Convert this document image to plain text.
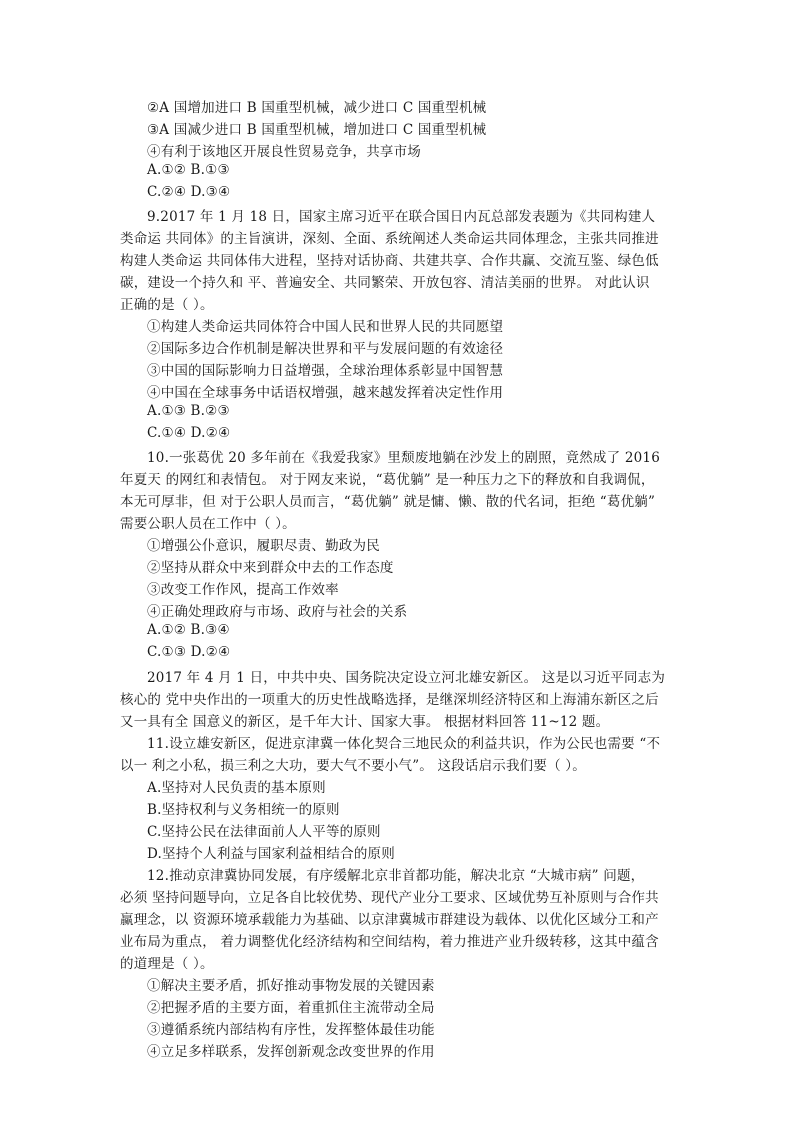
②A 国增加进口 B 国重型机械，减少进口 C 国重型机械
③A 国减少进口 B 国重型机械，增加进口 C 国重型机械
④有利于该地区开展良性贸易竞争，共享市场
A.①② B.①③
C.②④ D.③④
9.2017 年 1 月 18 日，国家主席习近平在联合国日内瓦总部发表题为《共同构建人
类命运 共同体》的主旨演讲，深刻、全面、系统阐述人类命运共同体理念，主张共同推进
构建人类命运 共同体伟大进程，坚持对话协商、共建共享、合作共赢、交流互鉴、绿色低
碳，建设一个持久和 平、普遍安全、共同繁荣、开放包容、清洁美丽的世界。 对此认识
正确的是（ ）。
①构建人类命运共同体符合中国人民和世界人民的共同愿望
②国际多边合作机制是解决世界和平与发展问题的有效途径
③中国的国际影响力日益增强，全球治理体系彰显中国智慧
④中国在全球事务中话语权增强，越来越发挥着决定性作用
A.①③ B.②③
C.①④ D.②④
10.一张葛优 20 多年前在《我爱我家》里颓废地躺在沙发上的剧照，竟然成了 2016
年夏天 的网红和表情包。 对于网友来说，“葛优躺” 是一种压力之下的释放和自我调侃，
本无可厚非，但 对于公职人员而言，“葛优躺” 就是慵、懒、散的代名词，拒绝 “葛优躺”
需要公职人员在工作中（ ）。
①增强公仆意识，履职尽责、勤政为民
②坚持从群众中来到群众中去的工作态度
③改变工作作风，提高工作效率
④正确处理政府与市场、政府与社会的关系
A.①② B.③④
C.①③ D.②④
2017 年 4 月 1 日，中共中央、国务院决定设立河北雄安新区。 这是以习近平同志为
核心的 党中央作出的一项重大的历史性战略选择，是继深圳经济特区和上海浦东新区之后
又一具有全 国意义的新区，是千年大计、国家大事。 根据材料回答 11~12 题。
11.设立雄安新区，促进京津冀一体化契合三地民众的利益共识，作为公民也需要 “不
以一 利之小私，损三利之大功，要大气不要小气”。 这段话启示我们要（ ）。
A.坚持对人民负责的基本原则
B.坚持权利与义务相统一的原则
C.坚持公民在法律面前人人平等的原则
D.坚持个人利益与国家利益相结合的原则
12.推动京津冀协同发展，有序缓解北京非首都功能，解决北京 “大城市病” 问题，
必须 坚持问题导向，立足各自比较优势、现代产业分工要求、区域优势互补原则与合作共
赢理念，以 资源环境承载能力为基础、以京津冀城市群建设为载体、以优化区域分工和产
业布局为重点， 着力调整优化经济结构和空间结构，着力推进产业升级转移，这其中蕴含
的道理是（ ）。
①解决主要矛盾，抓好推动事物发展的关键因素
②把握矛盾的主要方面，着重抓住主流带动全局
③遵循系统内部结构有序性，发挥整体最佳功能
④立足多样联系，发挥创新观念改变世界的作用
